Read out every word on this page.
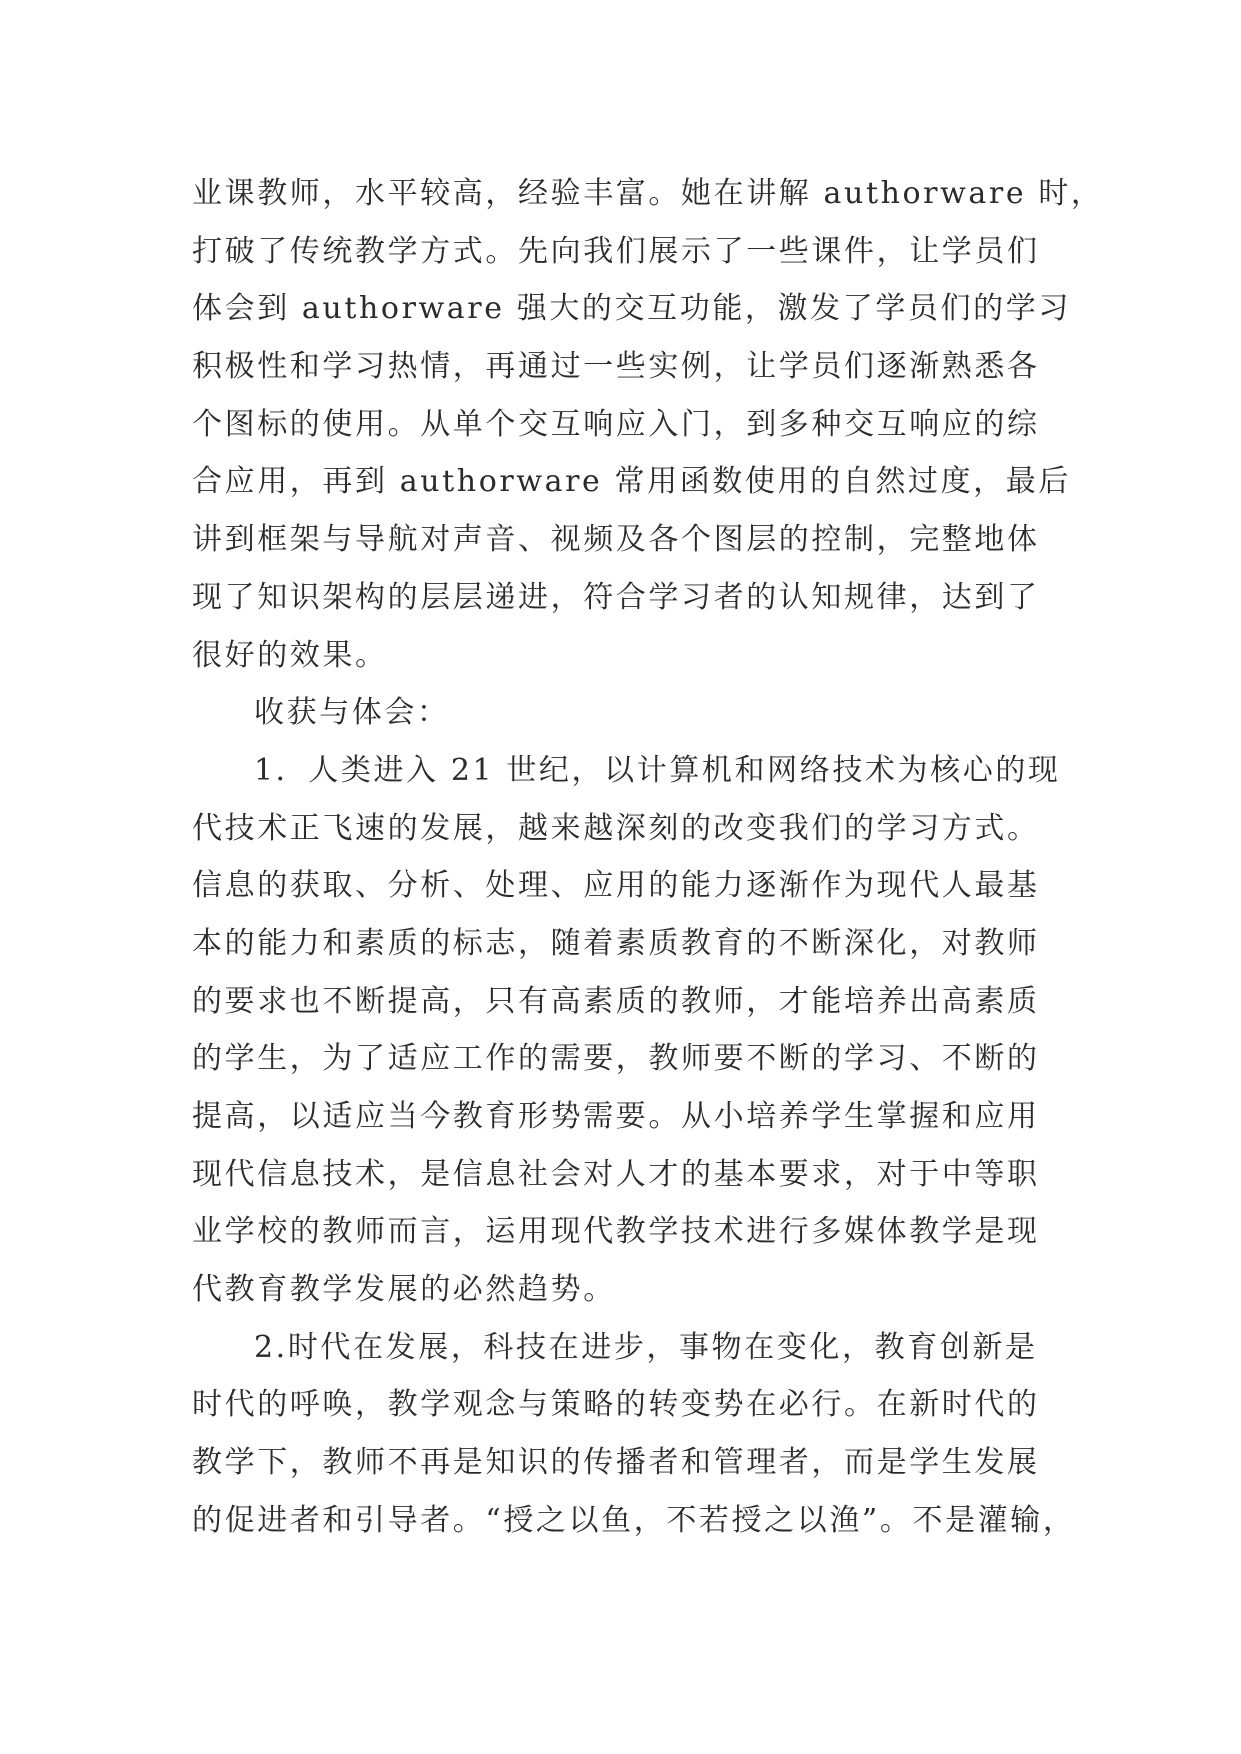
业课教师，水平较高，经验丰富。她在讲解 authorware 时，
打破了传统教学方式。先向我们展示了一些课件，让学员们
体会到 authorware 强大的交互功能，激发了学员们的学习
积极性和学习热情，再通过一些实例，让学员们逐渐熟悉各
个图标的使用。从单个交互响应入门，到多种交互响应的综
合应用，再到 authorware 常用函数使用的自然过度，最后
讲到框架与导航对声音、视频及各个图层的控制，完整地体
现了知识架构的层层递进，符合学习者的认知规律，达到了
很好的效果。
收获与体会：
1．人类进入 21 世纪，以计算机和网络技术为核心的现
代技术正飞速的发展，越来越深刻的改变我们的学习方式。
信息的获取、分析、处理、应用的能力逐渐作为现代人最基
本的能力和素质的标志，随着素质教育的不断深化，对教师
的要求也不断提高，只有高素质的教师，才能培养出高素质
的学生，为了适应工作的需要，教师要不断的学习、不断的
提高，以适应当今教育形势需要。从小培养学生掌握和应用
现代信息技术，是信息社会对人才的基本要求，对于中等职
业学校的教师而言，运用现代教学技术进行多媒体教学是现
代教育教学发展的必然趋势。
2.时代在发展，科技在进步，事物在变化，教育创新是
时代的呼唤，教学观念与策略的转变势在必行。在新时代的
教学下，教师不再是知识的传播者和管理者，而是学生发展
的促进者和引导者。“授之以鱼，不若授之以渔”。不是灌输，
